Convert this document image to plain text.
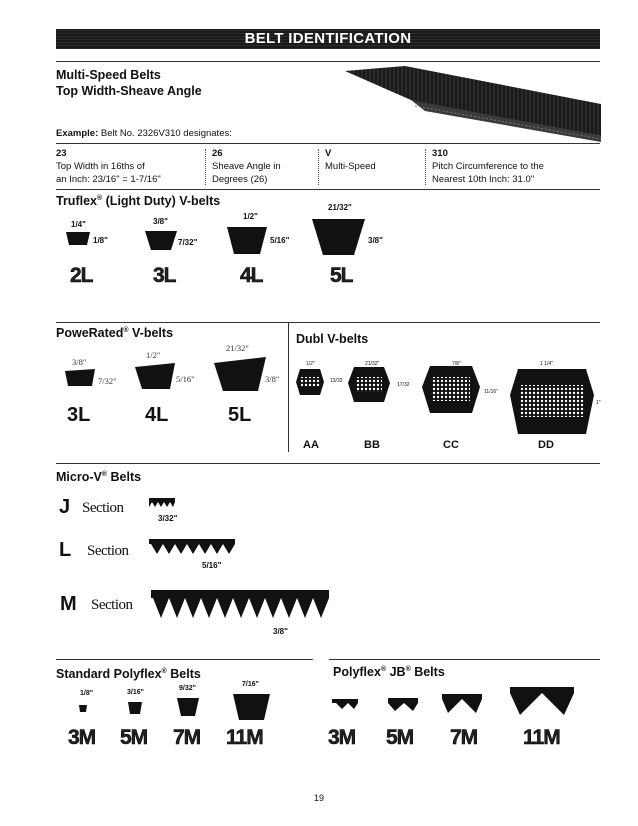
BELT IDENTIFICATION
Multi-Speed Belts
Top Width-Sheave Angle
Example: Belt No. 2326V310 designates:
23
Top Width in 16ths of
an Inch: 23/16" = 1-7/16"
26
Sheave Angle in
Degrees (26)
V
Multi-Speed
310
Pitch Circumference to the
Nearest 10th Inch: 31.0"
Truflex® (Light Duty) V-belts
1/4"
1/8"
3/8"
7/32"
1/2"
5/16"
21/32"
3/8"
2L	3L	4L	5L
PoweRated® V-belts
3/8"
7/32"
1/2"
5/16"
21/32"
3/8"
3L	4L	5L
Dubl V-belts
1/2"
13/32
21/32"
17/32
7/8"
11/16"
1 1/4"
1"
AA	BB	CC	DD
Micro-V® Belts
J Section
L Section
M Section
3/32"
5/16"
3/8"
Standard Polyflex® Belts
1/8"	3/16"
9/32"
7/16"
3M 5M 7M 11M
Polyflex® JB® Belts
3M 5M 7M 11M
19
